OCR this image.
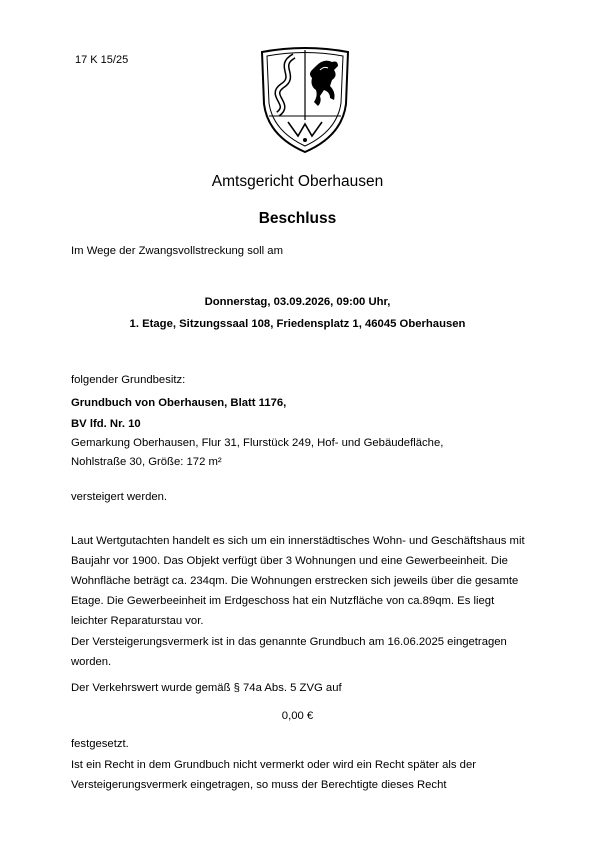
17 K 15/25
Amtsgericht Oberhausen
Beschluss
Im Wege der Zwangsvollstreckung soll am
Donnerstag, 03.09.2026, 09:00 Uhr,
1. Etage, Sitzungssaal 108, Friedensplatz 1, 46045 Oberhausen
folgender Grundbesitz:
Grundbuch von Oberhausen, Blatt 1176,
BV lfd. Nr. 10
Gemarkung Oberhausen, Flur 31, Flurstück 249, Hof- und Gebäudefläche,
Nohlstraße 30, Größe: 172 m²
versteigert werden.
Laut Wertgutachten handelt es sich um ein innerstädtisches Wohn- und Geschäftshaus mit Baujahr vor 1900. Das Objekt verfügt über 3 Wohnungen und eine Gewerbeeinheit. Die Wohnfläche beträgt ca. 234qm. Die Wohnungen erstrecken sich jeweils über die gesamte Etage. Die Gewerbeeinheit im Erdgeschoss hat ein Nutzfläche von ca.89qm. Es liegt leichter Reparaturstau vor.
Der Versteigerungsvermerk ist in das genannte Grundbuch am 16.06.2025 eingetragen worden.
Der Verkehrswert wurde gemäß § 74a Abs. 5 ZVG auf
0,00 €
festgesetzt.
Ist ein Recht in dem Grundbuch nicht vermerkt oder wird ein Recht später als der Versteigerungsvermerk eingetragen, so muss der Berechtigte dieses Recht
